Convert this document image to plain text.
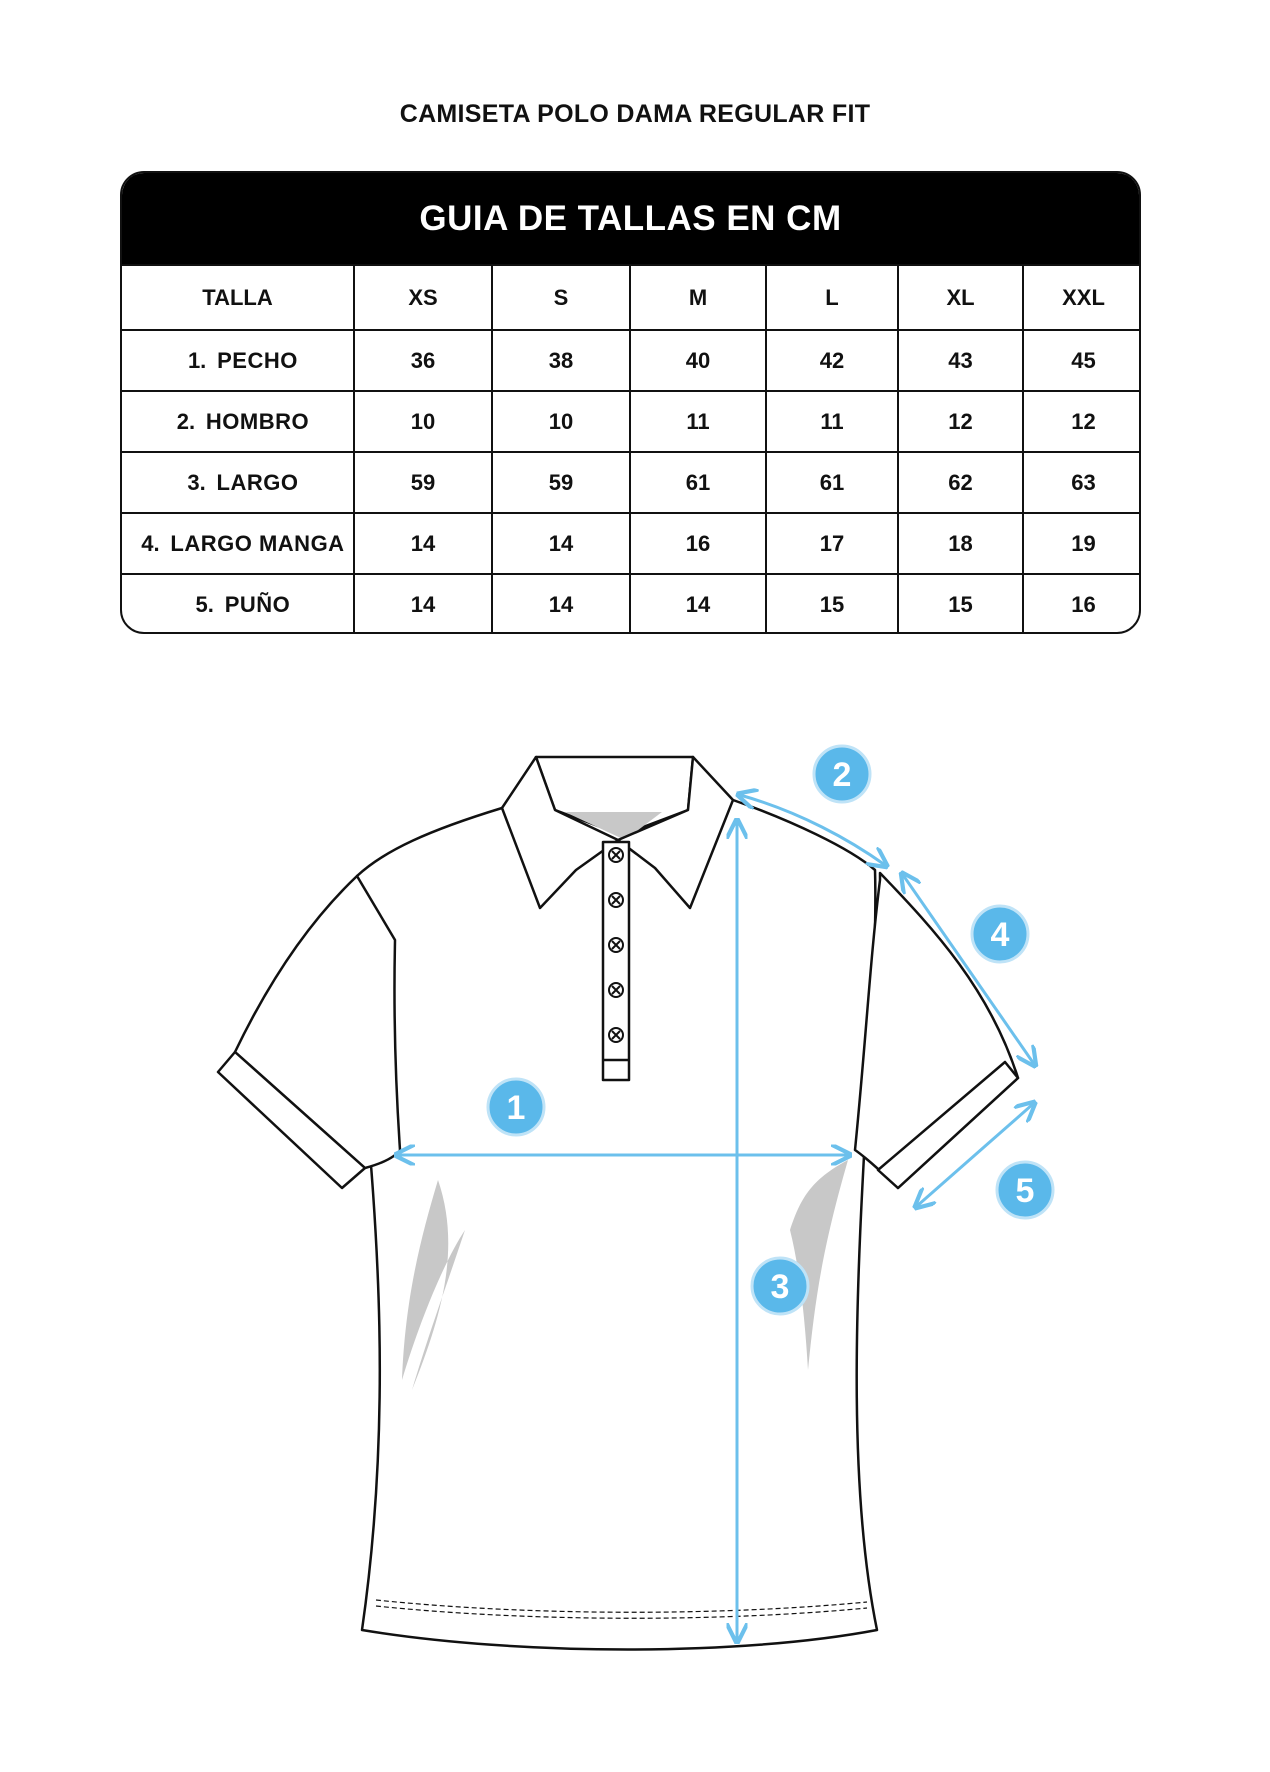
CAMISETA POLO DAMA REGULAR FIT
GUIA DE TALLAS EN CM
TALLA	XS	S	M	L	XL	XXL
1. PECHO	36	38	40	42	43	45
2. HOMBRO	10	10	11	11	12	12
3. LARGO	59	59	61	61	62	63
4. LARGO MANGA	14	14	16	17	18	19
5. PUÑO	14	14	14	15	15	16
1
2
3
4
5
